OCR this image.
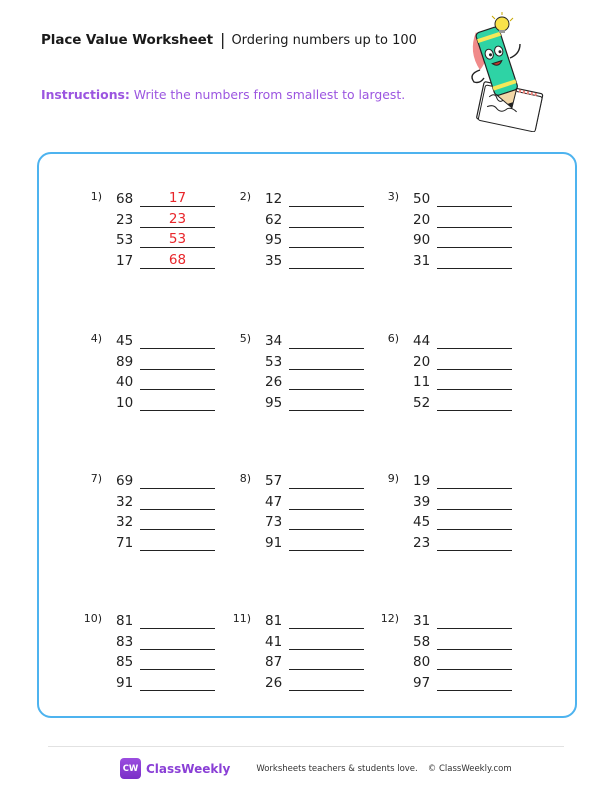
Place Value Worksheet | Ordering numbers up to 100
Instructions: Write the numbers from smallest to largest.
1) 68	17
23	23
53	53
17	68
2) 12
62
95
35
3) 50
20
90
31
4) 45
89
40
10
5) 34
53
26
95
6) 44
20
11
52
7) 69
32
32
71
8) 57
47
73
91
9) 19
39
45
23
10) 81
83
85
91
11) 81
41
87
26
12) 31
58
80
97
CW ClassWeekly	Worksheets teachers & students love. © ClassWeekly.com
